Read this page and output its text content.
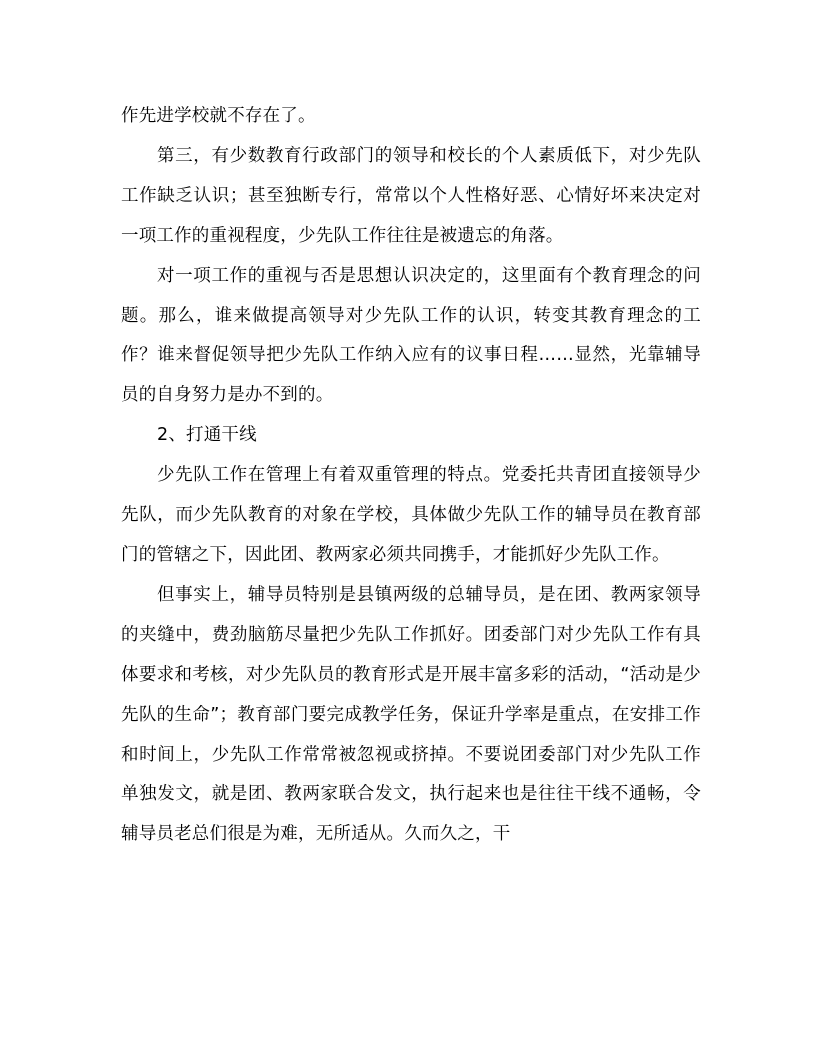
作先进学校就不存在了。

第三，有少数教育行政部门的领导和校长的个人素质低下，对少先队工作缺乏认识；甚至独断专行，常常以个人性格好恶、心情好坏来决定对一项工作的重视程度，少先队工作往往是被遗忘的角落。

对一项工作的重视与否是思想认识决定的，这里面有个教育理念的问题。那么，谁来做提高领导对少先队工作的认识，转变其教育理念的工作？谁来督促领导把少先队工作纳入应有的议事日程……显然，光靠辅导员的自身努力是办不到的。

2、打通干线

少先队工作在管理上有着双重管理的特点。党委托共青团直接领导少先队，而少先队教育的对象在学校，具体做少先队工作的辅导员在教育部门的管辖之下，因此团、教两家必须共同携手，才能抓好少先队工作。

但事实上，辅导员特别是县镇两级的总辅导员，是在团、教两家领导的夹缝中，费劲脑筋尽量把少先队工作抓好。团委部门对少先队工作有具体要求和考核，对少先队员的教育形式是开展丰富多彩的活动，“活动是少先队的生命”；教育部门要完成教学任务，保证升学率是重点，在安排工作和时间上，少先队工作常常被忽视或挤掉。不要说团委部门对少先队工作单独发文，就是团、教两家联合发文，执行起来也是往往干线不通畅，令辅导员老总们很是为难，无所适从。久而久之，干
